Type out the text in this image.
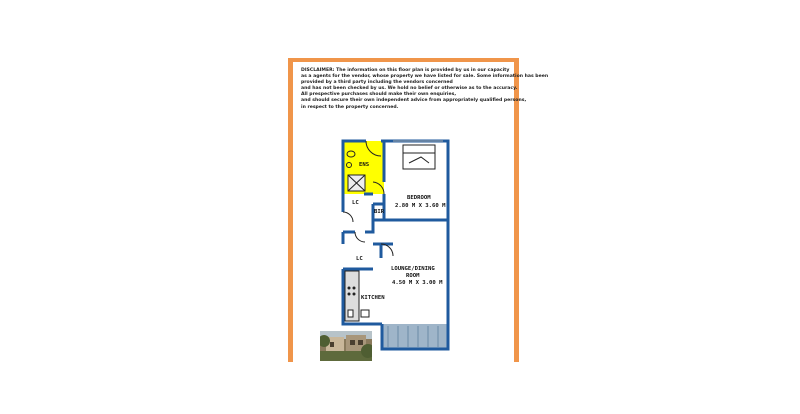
DISCLAIMER: The information on this floor plan is provided by us in our capacity
as a agents for the vendor, whose property we have listed for sale. Some information has been
provided by a third party including the vendors concerned
and has not been checked by us. We hold no belief or otherwise as to the accuracy.
All prespective purchases should make their own enquiries,
and should secure their own independent advice from appropriately qualified persons,
in respect to the property concerned.
ENS
BEDROOM
2.80 M X 3.60 M
BIR
LC
LC
LOUNGE/DINING
ROOM
4.50 M X 3.00 M
KITCHEN
